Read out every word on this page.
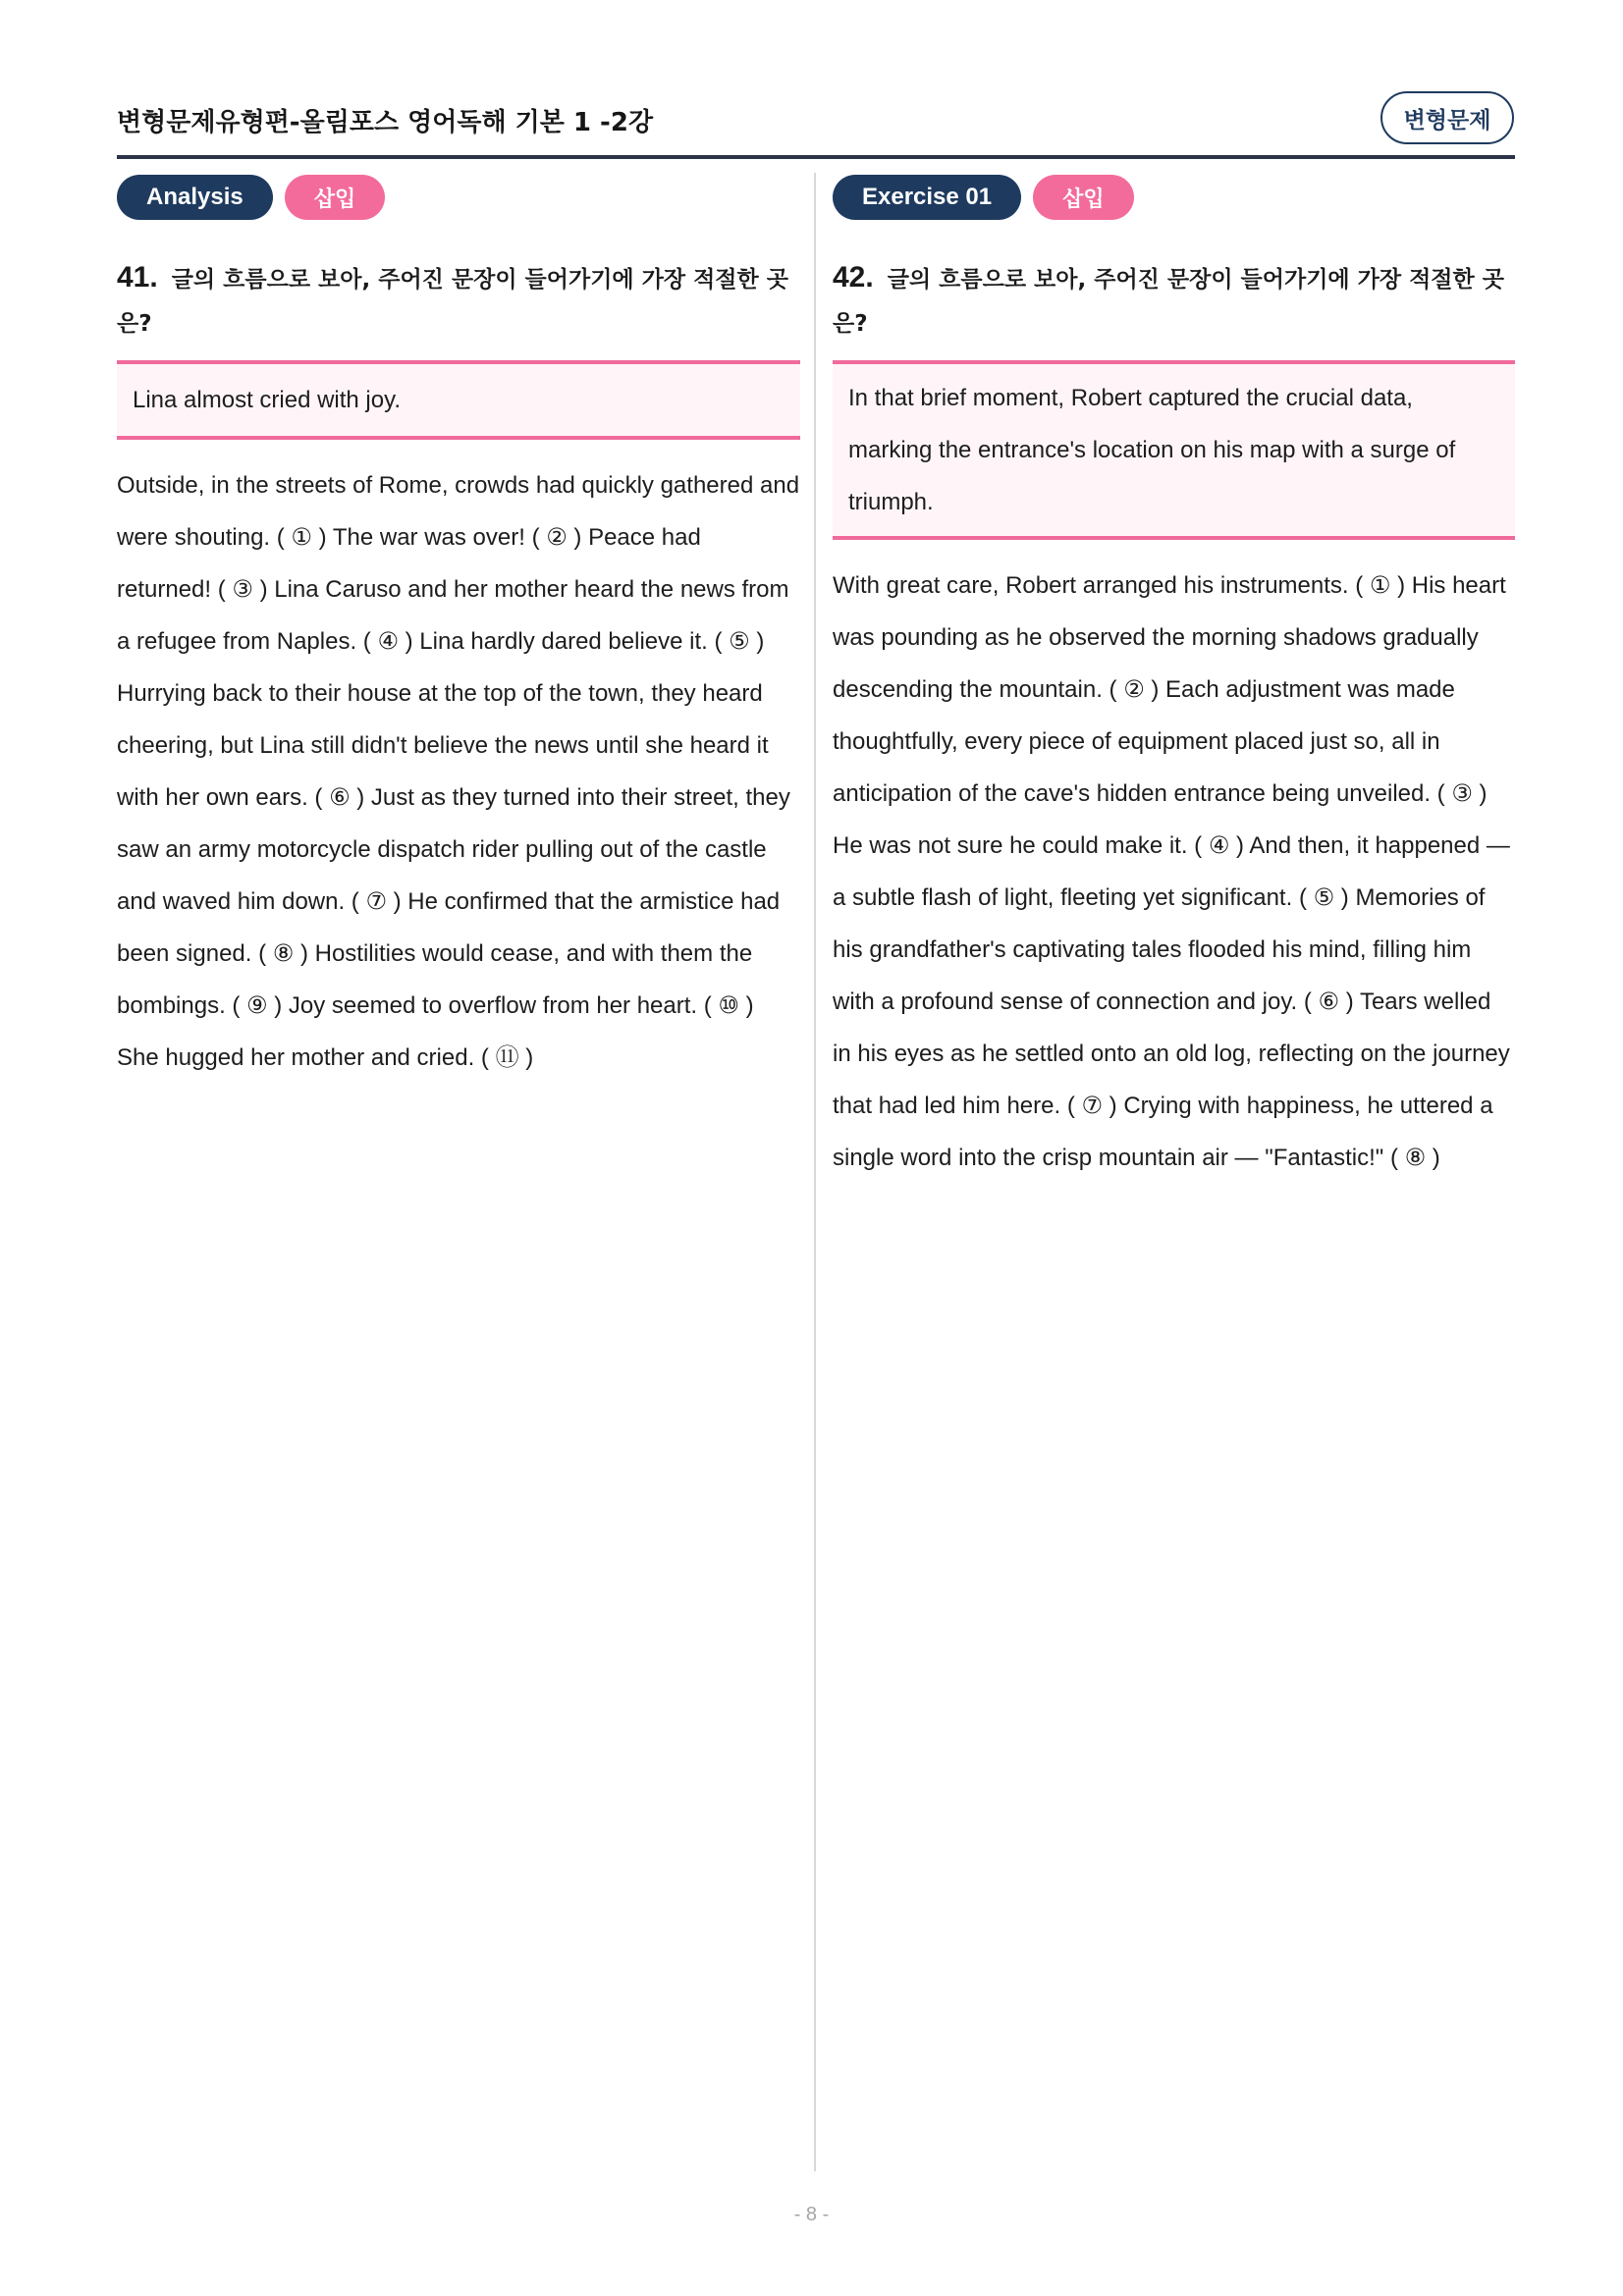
변형문제유형편-올림포스 영어독해 기본 1 -2강	변형문제
Analysis	삽입
41. 글의 흐름으로 보아, 주어진 문장이 들어가기에 가장 적절한 곳은?
Lina almost cried with joy.
Outside, in the streets of Rome, crowds had quickly gathered and were shouting. ( ① ) The war was over! ( ② ) Peace had returned! ( ③ ) Lina Caruso and her mother heard the news from a refugee from Naples. ( ④ ) Lina hardly dared believe it. ( ⑤ ) Hurrying back to their house at the top of the town, they heard cheering, but Lina still didn't believe the news until she heard it with her own ears. ( ⑥ ) Just as they turned into their street, they saw an army motorcycle dispatch rider pulling out of the castle and waved him down. ( ⑦ ) He confirmed that the armistice had been signed. ( ⑧ ) Hostilities would cease, and with them the bombings. ( ⑨ ) Joy seemed to overflow from her heart. ( ⑩ ) She hugged her mother and cried. ( ⑪ )
Exercise 01	삽입
42. 글의 흐름으로 보아, 주어진 문장이 들어가기에 가장 적절한 곳은?
In that brief moment, Robert captured the crucial data, marking the entrance's location on his map with a surge of triumph.
With great care, Robert arranged his instruments. ( ① ) His heart was pounding as he observed the morning shadows gradually descending the mountain. ( ② ) Each adjustment was made thoughtfully, every piece of equipment placed just so, all in anticipation of the cave's hidden entrance being unveiled. ( ③ ) He was not sure he could make it. ( ④ ) And then, it happened — a subtle flash of light, fleeting yet significant. ( ⑤ ) Memories of his grandfather's captivating tales flooded his mind, filling him with a profound sense of connection and joy. ( ⑥ ) Tears welled in his eyes as he settled onto an old log, reflecting on the journey that had led him here. ( ⑦ ) Crying with happiness, he uttered a single word into the crisp mountain air — "Fantastic!" ( ⑧ )
- 8 -
